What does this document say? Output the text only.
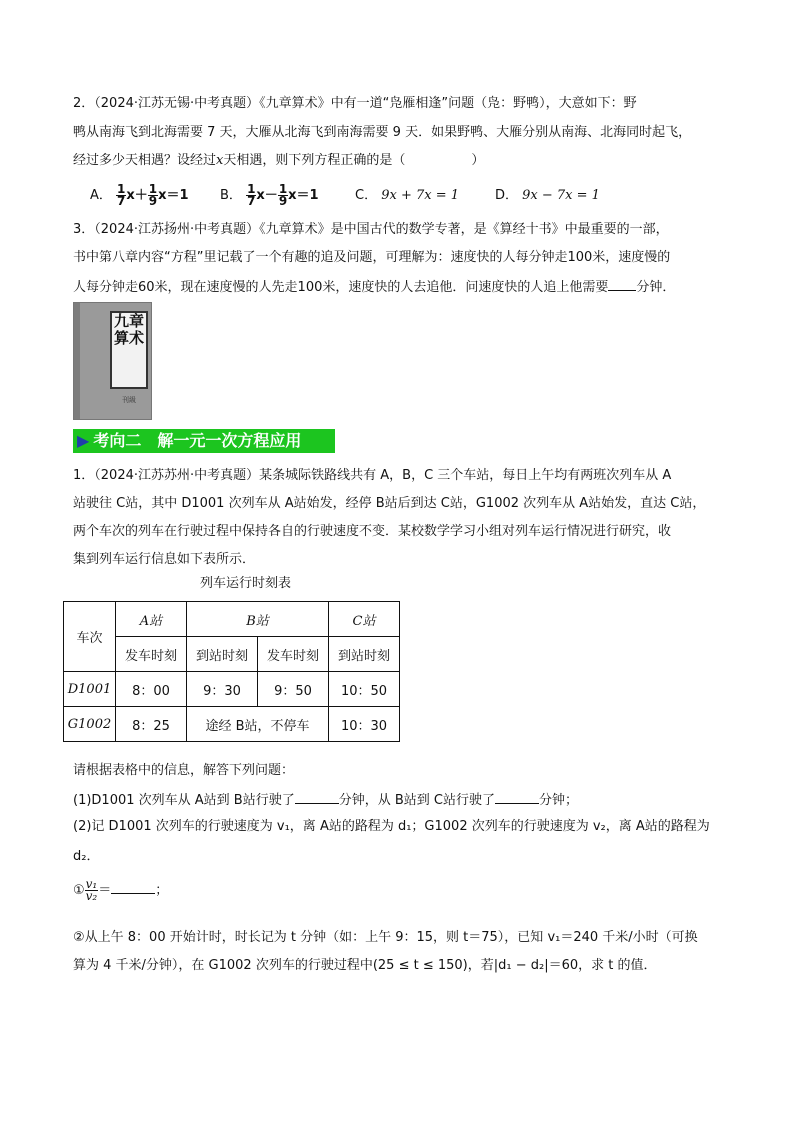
2．（2024·江苏无锡·中考真题）《九章算术》中有一道“凫雁相逢”问题（凫：野鸭），大意如下：野
鸭从南海飞到北海需要 7 天，大雁从北海飞到南海需要 9 天．如果野鸭、大雁分别从南海、北海同时起飞，
经过多少天相遇？设经过x天相遇，则下列方程正确的是（	）
A． $\frac{1}{7} x+ \frac{1}{9} x=1$	B． $\frac{1}{7} x- \frac{1}{9} x=1$	C． 9x + 7x = 1	D． 9x − 7x = 1
3．（2024·江苏扬州·中考真题）《九章算术》是中国古代的数学专著，是《算经十书》中最重要的一部，
书中第八章内容“方程”里记载了一个有趣的追及问题，可理解为：速度快的人每分钟走100米，速度慢的
人每分钟走60米，现在速度慢的人先走100米，速度快的人去追他．问速度快的人追上他需要 分钟．
九章算术
刊級
▶ 考向二　解一元一次方程应用
1．（2024·江苏苏州·中考真题）某条城际铁路线共有 A，B，C 三个车站，每日上午均有两班次列车从 A
站驶往 C站，其中 D1001 次列车从 A站始发，经停 B站后到达 C站，G1002 次列车从 A站始发，直达 C站，
两个车次的列车在行驶过程中保持各自的行驶速度不变．某校数学学习小组对列车运行情况进行研究，收
集到列车运行信息如下表所示．
列车运行时刻表
车次	A站	B站		C站
	发车时刻	到站时刻	发车时刻	到站时刻
D1001	8：00	9：30	9：50	10：50
G1002	8：25	途经 B站，不停车		10：30
请根据表格中的信息，解答下列问题：
(1)D1001 次列车从 A站到 B站行驶了	分钟，从 B站到 C站行驶了	分钟；
(2)记 D1001 次列车的行驶速度为 v₁，离 A站的路程为 d₁；G1002 次列车的行驶速度为 v₂，离 A站的路程为
d₂．
① $\frac{\text{v₁}}{\text{v₂}}$ ＝	；
②从上午 8：00 开始计时，时长记为 t 分钟（如：上午 9：15，则 t＝75），已知 v₁＝240 千米/小时（可换
算为 4 千米/分钟），在 G1002 次列车的行驶过程中(25 ≤ t ≤ 150)，若|d₁ − d₂|＝60，求 t 的值．
